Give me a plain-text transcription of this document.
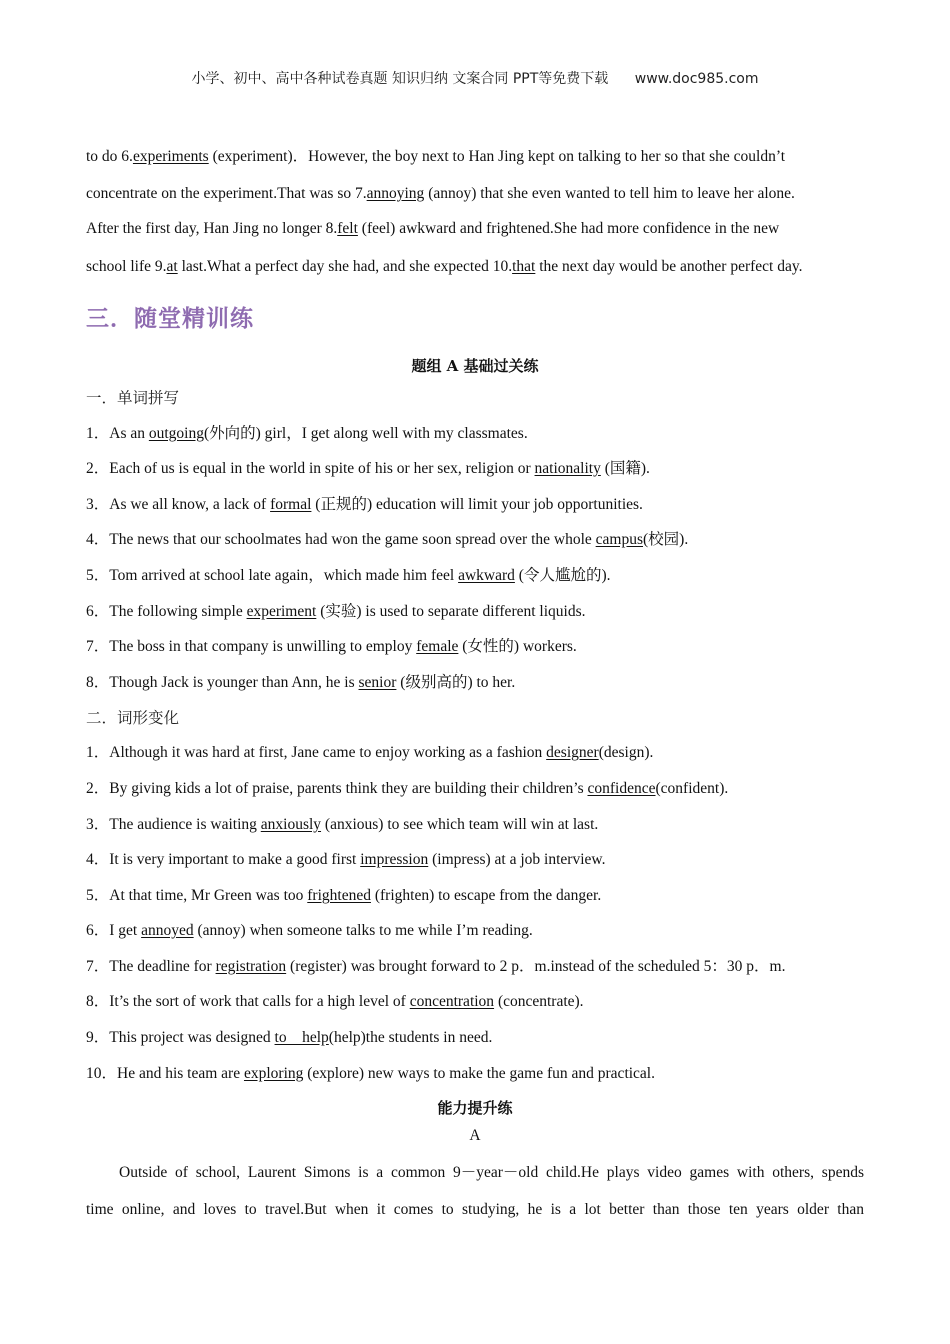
小学、初中、高中各种试卷真题 知识归纳 文案合同 PPT等免费下载 www.doc985.com
to do 6.experiments (experiment)．However, the boy next to Han Jing kept on talking to her so that she couldn’t
concentrate on the experiment.That was so 7.annoying (annoy) that she even wanted to tell him to leave her alone.
After the first day, Han Jing no longer 8.felt (feel) awkward and frightened.She had more confidence in the new
school life 9.at last.What a perfect day she had, and she expected 10.that the next day would be another perfect day.
三．随堂精训练
题组 A 基础过关练
一．单词拼写
1．As an outgoing(外向的) girl，I get along well with my classmates.
2．Each of us is equal in the world in spite of his or her sex, religion or nationality (国籍).
3．As we all know, a lack of formal (正规的) education will limit your job opportunities.
4．The news that our schoolmates had won the game soon spread over the whole campus(校园).
5．Tom arrived at school late again，which made him feel awkward (令人尴尬的).
6．The following simple experiment (实验) is used to separate different liquids.
7．The boss in that company is unwilling to employ female (女性的) workers.
8．Though Jack is younger than Ann, he is senior (级别高的) to her.
二．词形变化
1．Although it was hard at first, Jane came to enjoy working as a fashion designer(design).
2．By giving kids a lot of praise, parents think they are building their children’s confidence(confident).
3．The audience is waiting anxiously (anxious) to see which team will win at last.
4．It is very important to make a good first impression (impress) at a job interview.
5．At that time, Mr Green was too frightened (frighten) to escape from the danger.
6．I get annoyed (annoy) when someone talks to me while I’m reading.
7．The deadline for registration (register) was brought forward to 2 p．m.instead of the scheduled 5：30 p．m.
8．It’s the sort of work that calls for a high level of concentration (concentrate).
9．This project was designed to    help(help)the students in need.
10．He and his team are exploring (explore) new ways to make the game fun and practical.
能力提升练
A
Outside of school, Laurent Simons is a common 9－year－old child.He plays video games with others, spends
time online, and loves to travel.But when it comes to studying, he is a lot better than those ten years older than
